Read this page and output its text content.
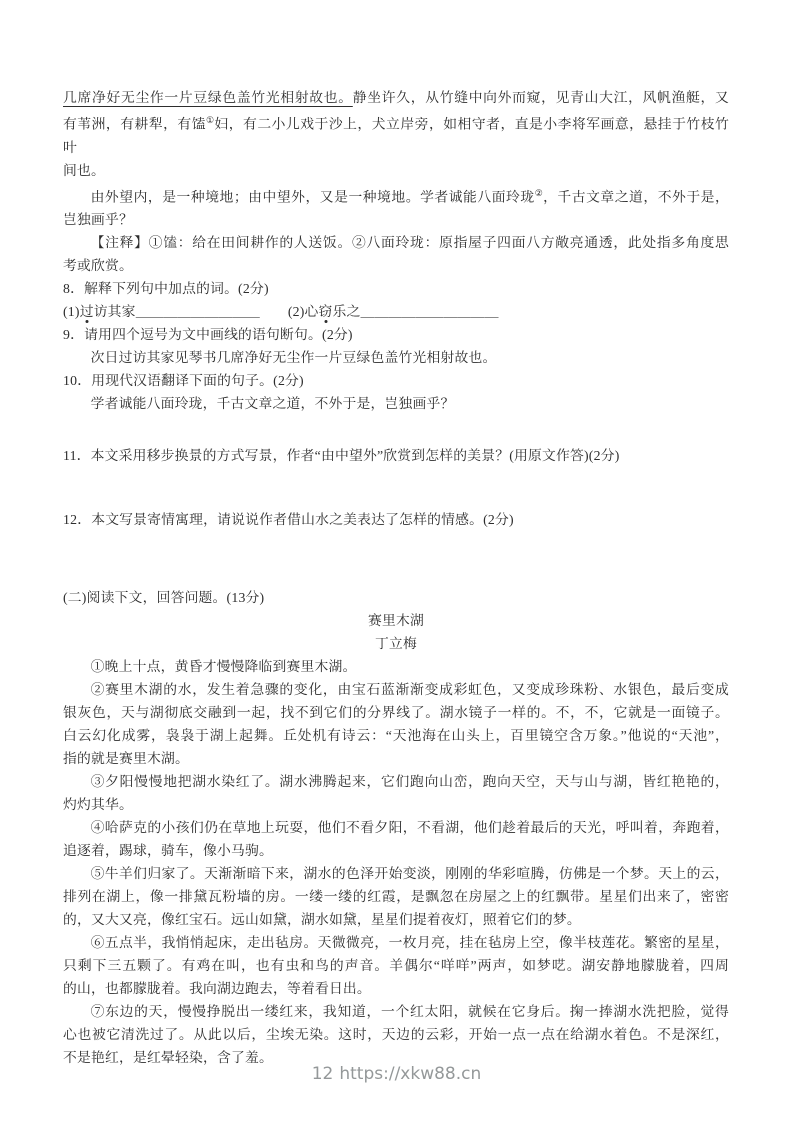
几席净好无尘作一片豆绿色盖竹光相射故也。静坐许久，从竹缝中向外而窥，见青山大江，风帆渔艇，又
有苇洲，有耕犁，有馌①妇，有二小儿戏于沙上，犬立岸旁，如相守者，直是小李将军画意，悬挂于竹枝竹
叶
间也。
由外望内，是一种境地；由中望外，又是一种境地。学者诚能八面玲珑②，千古文章之道，不外于是，
岂独画乎？
【注释】①馌：给在田间耕作的人送饭。②八面玲珑：原指屋子四面八方敞亮通透，此处指多角度思
考或欣赏。
8．解释下列句中加点的词。(2分)
(1)过访其家＿＿＿＿＿＿＿＿＿　　(2)心窃乐之＿＿＿＿＿＿＿＿＿＿
9．请用四个逗号为文中画线的语句断句。(2分)
次日过访其家见琴书几席净好无尘作一片豆绿色盖竹光相射故也。
10．用现代汉语翻译下面的句子。(2分)
学者诚能八面玲珑，千古文章之道，不外于是，岂独画乎？
11．本文采用移步换景的方式写景，作者“由中望外”欣赏到怎样的美景？(用原文作答)(2分)
12．本文写景寄情寓理，请说说作者借山水之美表达了怎样的情感。(2分)
(二)阅读下文，回答问题。(13分)
赛里木湖
丁立梅
①晚上十点，黄昏才慢慢降临到赛里木湖。
②赛里木湖的水，发生着急骤的变化，由宝石蓝渐渐变成彩虹色，又变成珍珠粉、水银色，最后变成
银灰色，天与湖彻底交融到一起，找不到它们的分界线了。湖水镜子一样的。不，不，它就是一面镜子。
白云幻化成雾，袅袅于湖上起舞。丘处机有诗云：“天池海在山头上，百里镜空含万象。”他说的“天池”，
指的就是赛里木湖。
③夕阳慢慢地把湖水染红了。湖水沸腾起来，它们跑向山峦，跑向天空，天与山与湖，皆红艳艳的，
灼灼其华。
④哈萨克的小孩们仍在草地上玩耍，他们不看夕阳，不看湖，他们趁着最后的天光，呼叫着，奔跑着，
追逐着，踢球，骑车，像小马驹。
⑤牛羊们归家了。天渐渐暗下来，湖水的色泽开始变淡，刚刚的华彩喧腾，仿佛是一个梦。天上的云，
排列在湖上，像一排黛瓦粉墙的房。一缕一缕的红霞，是飘忽在房屋之上的红飘带。星星们出来了，密密
的，又大又亮，像红宝石。远山如黛，湖水如黛，星星们提着夜灯，照着它们的梦。
⑥五点半，我悄悄起床，走出毡房。天微微亮，一枚月亮，挂在毡房上空，像半枝莲花。繁密的星星，
只剩下三五颗了。有鸡在叫，也有虫和鸟的声音。羊偶尔“咩咩”两声，如梦呓。湖安静地朦胧着，四周
的山，也都朦胧着。我向湖边跑去，等着看日出。
⑦东边的天，慢慢挣脱出一缕红来，我知道，一个红太阳，就候在它身后。掬一捧湖水洗把脸，觉得
心也被它清洗过了。从此以后，尘埃无染。这时，天边的云彩，开始一点一点在给湖水着色。不是深红，
不是艳红，是红晕轻染，含了羞。
12 https://xkw88.cn
